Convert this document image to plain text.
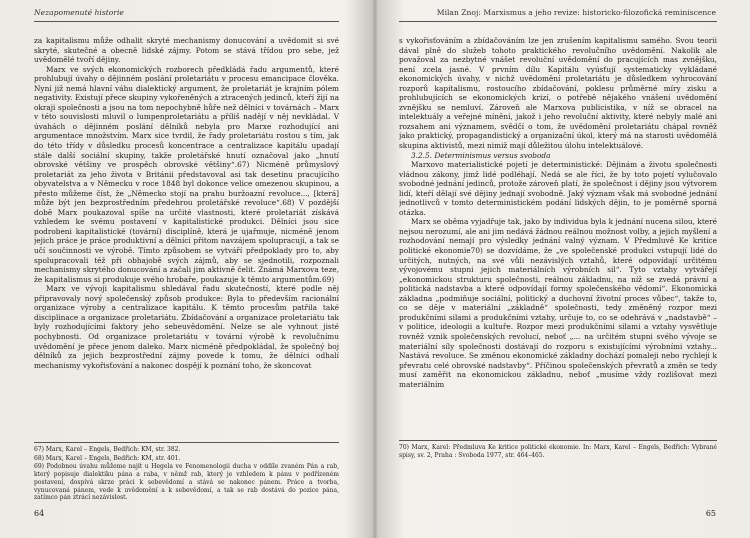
Nezapomenuté historie

za kapitalismu může odhalit skryté mechanismy donucování a uvědomit si své skryté, skutečné a obecně lidské zájmy. Potom se stává třídou pro sebe, jež uvědomělé tvoří dějiny.

Marx ve svých ekonomických rozborech předkládá řadu argumentů, které prohlubují úvahy o dějinném poslání proletariátu v procesu emancipace člověka. Nyní již nemá hlavní váhu dialektický argument, že proletariát je krajním pólem negativity. Existují přece skupiny vykořeněných a ztracených jedinců, kteří žijí na okraji společnosti a jsou na tom nepochybně hůře než dělníci v továrnách – Marx v této souvislosti mluvil o lumpenproletariátu a příliš nadějí v něj nevkládal. V úvahách o dějinném poslání dělníků nebyla pro Marxe rozhodující ani argumentace množstvím. Marx sice tvrdil, že řady proletariátu rostou s tím, jak do této třídy v důsledku procesů koncentrace a centralizace kapitálu upadají stále další sociální skupiny, takže proletářské hnutí označoval jako „hnutí obrovské většiny ve prospěch obrovské většiny“.67) Nicméně průmyslový proletariát za jeho života v Británii představoval asi tak desetinu pracujícího obyvatelstva a v Německu v roce 1848 byl dokonce velice omezenou skupinou, a přesto můžeme číst, že „Německo stojí na prahu buržoazní revoluce..., [která] může být jen bezprostředním předehrou proletářské revoluce“.68) V pozdější době Marx poukazoval spíše na určité vlastnosti, které proletariát získává vzhledem ke svému postavení v kapitalistické produkci. Dělníci jsou sice podrobeni kapitalistické (tovární) disciplíně, která je ujařmuje, nicméně jenom jejich práce je práce produktivní a dělníci přitom navzájem spolupracují, a tak se učí součinnosti ve výrobě. Tímto způsobem se vytváří předpoklady pro to, aby spolupracovali též při obhajobě svých zájmů, aby se sjednotili, rozpoznali mechanismy skrytého donucování a začali jim aktivně čelit. Známá Marxova teze, že kapitalismus si produkuje svého hrobaře, poukazuje k těmto argumentům.69)

Marx ve vývoji kapitalismu shledával řadu skutečností, které podle něj připravovaly nový společenský způsob produkce: Byla to především racionální organizace výroby a centralizace kapitálu. K těmto procesům patřila také disciplinace a organizace proletariátu. Zbídačování a organizace proletariátu tak byly rozhodujícími faktory jeho sebeuvědomění. Nelze se ale vyhnout jisté pochybnosti. Od organizace proletariátu v tovární výrobě k revolučnímu uvědomění je přece jenom daleko. Marx nicméně předpokládal, že společný boj dělníků za jejich bezprostřední zájmy povede k tomu, že dělníci odhalí mechanismy vykořisťování a nakonec dospějí k poznání toho, že skoncovat

67) Marx, Karel – Engels, Bedřich: KM, str. 382.

68) Marx, Karel – Engels, Bedřich: KM, str. 401.

69) Podobnou úvahu můžeme najít u Hegela ve Fenomenologii ducha v oddíle zvaném Pán a rab, který popisuje dialektiku pána a raba, v němž rab, který je vzhledem k pánu v podřízeném postavení, dospívá skrze práci k sebevědomí a stává se nakonec pánem. Práce a tvorba, vynucovaná pánem, vede k uvědomění a k sebevědomí, a tak se rab dostává do pozice pána, zatímco pán ztrácí nezávislost.

64
Milan Znoj: Marxismus a jeho revize: historicko-filozofická reminiscence

s vykořisťováním a zbídačováním lze jen zrušením kapitalismu samého. Svou teorii dával plně do služeb tohoto praktického revolučního uvědomění. Nakolik ale považoval za nezbytné vnášet revoluční uvědomění do pracujících mas zvnějšku, není zcela jasné. V prvním dílu Kapitálu vyúsťují systematicky vykládané ekonomických úvahy, v nichž uvědomění proletariátu je důsledkem vyhrocování rozporů kapitalismu, rostoucího zbídačování, poklesu průměrné míry zisku a prohlubujících se ekonomických krizí, o potřebě nějakého vnášení uvědomění zvnějšku se nemluví. Zároveň ale Marxova publicistika, v níž se obracel na intelektuály a veřejné mínění, jakož i jeho revoluční aktivity, které nebyly malé ani rozsahem ani významem, svědčí o tom, že uvědomění proletariátu chápal rovněž jako praktický, propagandistický a organizační úkol, který má na starosti uvědomělá skupina aktivistů, mezi nimiž mají důležitou úlohu intelektuálové.

3.2.5. Determinismus versus svoboda

Marxovo materialistické pojetí je deterministické: Dějinám a životu společnosti vládnou zákony, jimž lidé podléhají. Nedá se ale říci, že by toto pojetí vylučovalo svobodné jednání jedinců, protože zároveň platí, že společnost i dějiny jsou výtvorem lidí, kteří dělají své dějiny jednají svobodně. Jaký význam však má svobodné jednání jednotlivců v tomto deterministickém podání lidských dějin, to je poměrně sporná otázka.

Marx se oběma vyjadřuje tak, jako by individua byla k jednání nucena silou, které nejsou nerozumí, ale ani jim nedává žádnou reálnou možnost volby, a jejich myšlení a rozhodování nemají pro výsledky jednání valný význam. V Předmluvě Ke kritice politické ekonomie70) se dozvídáme, že „ve společenské produkci vstupují lidé do určitých, nutných, na své vůli nezávislých vztahů, které odpovídají určitému vývojovému stupni jejich materiálních výrobních sil“. Tyto vztahy vytvářejí „ekonomickou strukturu společnosti, reálnou základnu, na níž se zvedá právní a politická nadstavba a které odpovídají formy společenského vědomí“. Ekonomická základna „podmiňuje sociální, politický a duchovní životní proces vůbec“, takže to, co se děje v materiální „základně“ společnosti, tedy změněný rozpor mezi produkčními silami a produkčními vztahy, určuje to, co se odehrává v „nadstavbě“ – v politice, ideologii a kultuře. Rozpor mezi produkčními silami a vztahy vysvětluje rovněž vznik společenských revolucí, neboť „... na určitém stupni svého vývoje se materiální síly společnosti dostávají do rozporu s existujícími výrobními vztahy... Nastává revoluce. Se změnou ekonomické základny dochází pomaleji nebo rychleji k převratu celé obrovské nadstavby“. Příčinou společenských převratů a změn se tedy musí zaměřit na ekonomickou základnu, neboť „musíme vždy rozlišovat mezi materiálním

70) Marx, Karel: Předmluva Ke kritice politické ekonomie. In: Marx, Karel – Engels, Bedřich: Vybrané spisy, sv. 2, Praha : Svoboda 1977, str. 464–465.

65
